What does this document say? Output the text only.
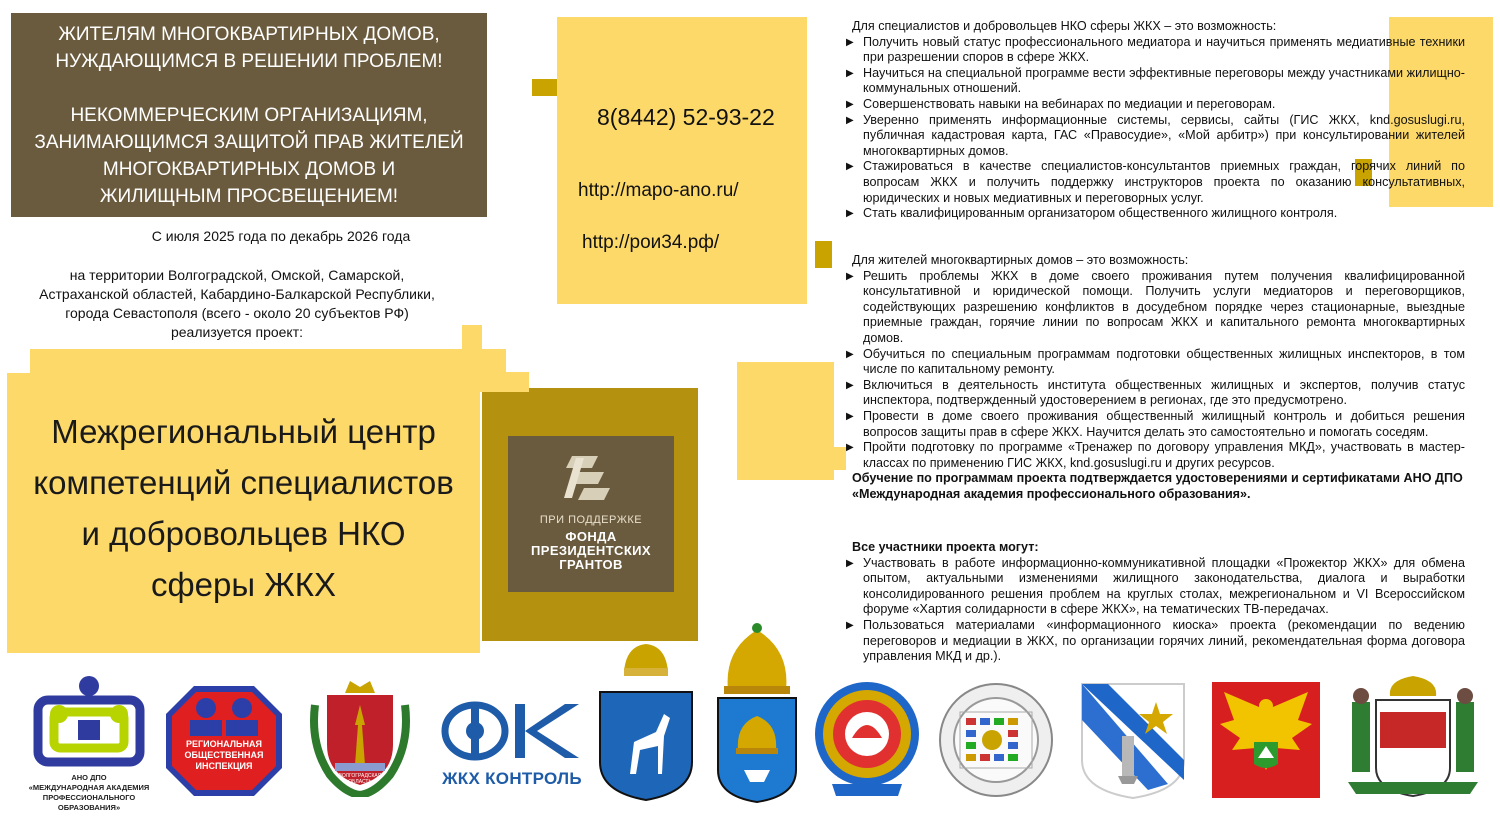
ЖИТЕЛЯМ МНОГОКВАРТИРНЫХ ДОМОВ,
НУЖДАЮЩИМСЯ В РЕШЕНИИ ПРОБЛЕМ!
НЕКОММЕРЧЕСКИМ ОРГАНИЗАЦИЯМ,
ЗАНИМАЮЩИМСЯ ЗАЩИТОЙ ПРАВ ЖИТЕЛЕЙ
МНОГОКВАРТИРНЫХ ДОМОВ И
ЖИЛИЩНЫМ ПРОСВЕЩЕНИЕМ!
С июля 2025 года по декабрь 2026 года
на территории Волгоградской, Омской, Самарской,
Астраханской областей, Кабардино-Балкарской Республики,
города Севастополя (всего - около 20 субъектов РФ)
реализуется проект:
Межрегиональный центр
компетенций специалистов
и добровольцев НКО
сферы ЖКХ
ПРИ ПОДДЕРЖКЕ
ФОНДА
ПРЕЗИДЕНТСКИХ
ГРАНТОВ
8(8442) 52-93-22
http://mapo-ano.ru/
http://рои34.рф/
Для специалистов и добровольцев НКО сферы ЖКХ – это возможность:
▶ Получить новый статус профессионального медиатора и научиться применять медиативные техники при разрешении споров в сфере ЖКХ.
▶ Научиться на специальной программе вести эффективные переговоры между участниками жилищно-коммунальных отношений.
▶ Совершенствовать навыки на вебинарах по медиации и переговорам.
▶ Уверенно применять информационные системы, сервисы, сайты (ГИС ЖКХ, knd.gosuslugi.ru, публичная кадастровая карта, ГАС «Правосудие», «Мой арбитр») при консультировании жителей многоквартирных домов.
▶ Стажироваться в качестве специалистов-консультантов приемных граждан, горячих линий по вопросам ЖКХ и получить поддержку инструкторов проекта по оказанию консультативных, юридических и новых медиативных и переговорных услуг.
▶ Стать квалифицированным организатором общественного жилищного контроля.
Для жителей многоквартирных домов – это возможность:
▶ Решить проблемы ЖКХ в доме своего проживания путем получения квалифицированной консультативной и юридической помощи. Получить услуги медиаторов и переговорщиков, содействующих разрешению конфликтов в досудебном порядке через стационарные, выездные приемные граждан, горячие линии по вопросам ЖКХ и капитального ремонта многоквартирных домов.
▶ Обучиться по специальным программам подготовки общественных жилищных инспекторов, в том числе по капитальному ремонту.
▶ Включиться в деятельность института общественных жилищных и экспертов, получив статус инспектора, подтвержденный удостоверением в регионах, где это предусмотрено.
▶ Провести в доме своего проживания общественный жилищный контроль и добиться решения вопросов защиты прав в сфере ЖКХ. Научится делать это самостоятельно и помогать соседям.
▶ Пройти подготовку по программе «Тренажер по договору управления МКД», участвовать в мастер-классах по применению ГИС ЖКХ, knd.gosuslugi.ru и других ресурсов.
Обучение по программам проекта подтверждается удостоверениями и сертификатами АНО ДПО «Международная академия профессионального образования».
Все участники проекта могут:
▶ Участвовать в работе информационно-коммуникативной площадки «Прожектор ЖКХ» для обмена опытом, актуальными изменениями жилищного законодательства, диалога и выработки консолидированного решения проблем на круглых столах, межрегиональном и VI Всероссийском форуме «Хартия солидарности в сфере ЖКХ», на тематических ТВ-передачах.
▶ Пользоваться материалами «информационного киоска» проекта (рекомендации по ведению переговоров и медиации в ЖКХ, по организации горячих линий, рекомендательная форма договора управления МКД и др.).
АНО ДПО
«МЕЖДУНАРОДНАЯ АКАДЕМИЯ
ПРОФЕССИОНАЛЬНОГО ОБРАЗОВАНИЯ»
РЕГИОНАЛЬНАЯ
ОБЩЕСТВЕННАЯ
ИНСПЕКЦИЯ
ВОЛГОГРАДСКАЯ ОБЛАСТЬ	ЖКХ КОНТРОЛЬ
